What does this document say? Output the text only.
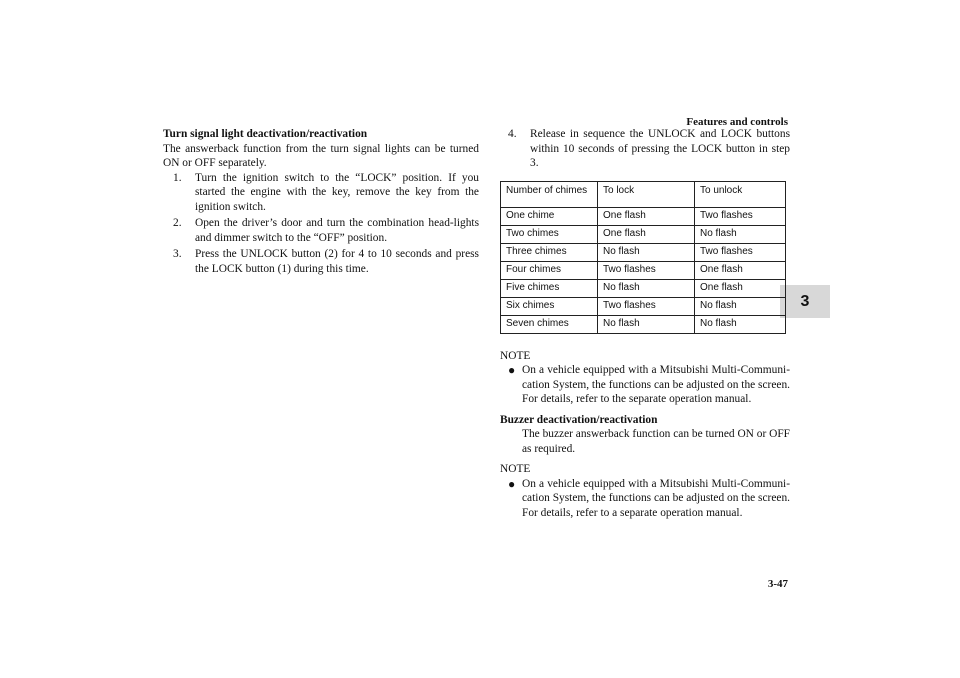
Features and controls
3
Turn signal light deactivation/reactivation

The answerback function from the turn signal lights can be turned ON or OFF separately.

1.	Turn the ignition switch to the “LOCK” position. If you started the engine with the key, remove the key from the ignition switch.
2.	Open the driver’s door and turn the combination head-lights and dimmer switch to the “OFF” position.
3.	Press the UNLOCK button (2) for 4 to 10 seconds and press the LOCK button (1) during this time.
4.	Release in sequence the UNLOCK and LOCK buttons within 10 seconds of pressing the LOCK button in step 3.
Number of chimes	To lock	To unlock
One chime	One flash	Two flashes
Two chimes	One flash	No flash
Three chimes	No flash	Two flashes
Four chimes	Two flashes	One flash
Five chimes	No flash	One flash
Six chimes	Two flashes	No flash
Seven chimes	No flash	No flash
NOTE
● On a vehicle equipped with a Mitsubishi Multi-Communi-cation System, the functions can be adjusted on the screen. For details, refer to the separate operation manual.
Buzzer deactivation/reactivation
The buzzer answerback function can be turned ON or OFF as required.
NOTE
● On a vehicle equipped with a Mitsubishi Multi-Communi-cation System, the functions can be adjusted on the screen. For details, refer to a separate operation manual.
3-47
